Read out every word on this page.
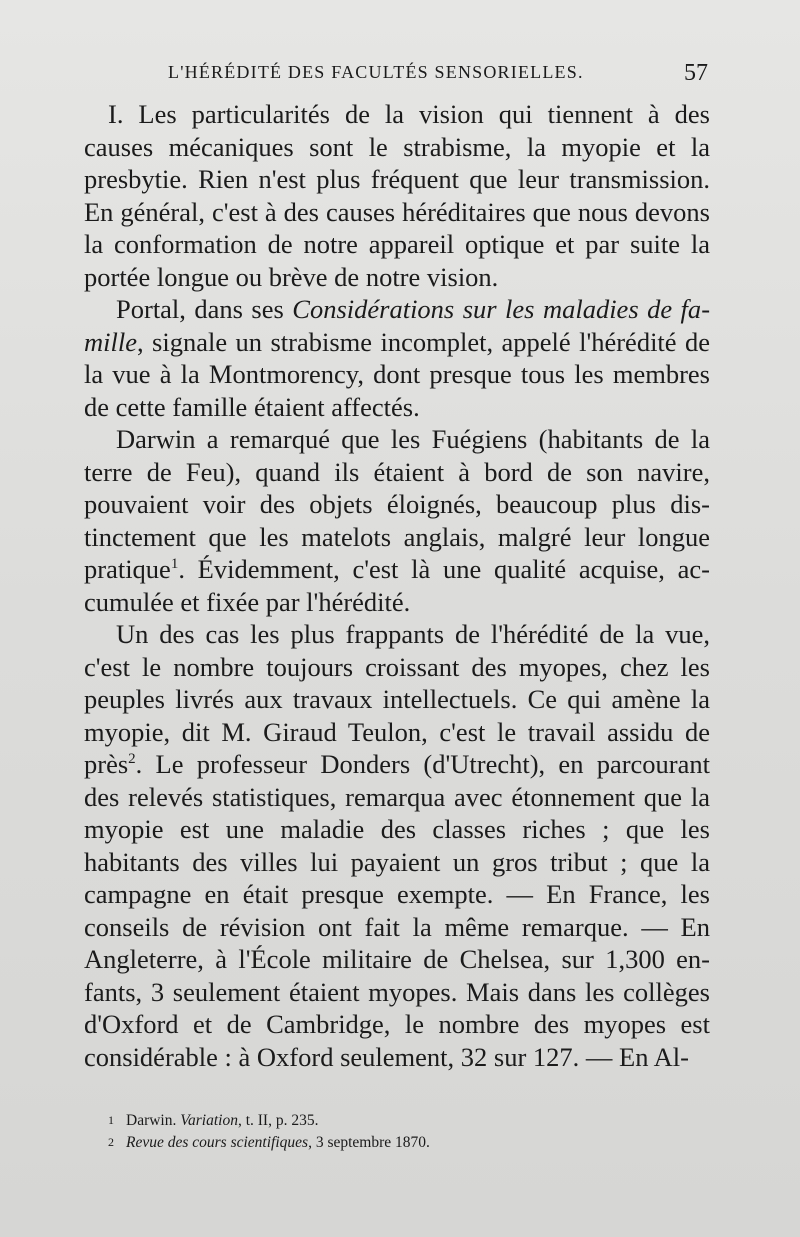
L'HÉRÉDITÉ DES FACULTÉS SENSORIELLES.	57

I. Les particularités de la vision qui tiennent à des causes mécaniques sont le strabisme, la myopie et la presbytie. Rien n'est plus fréquent que leur transmission. En général, c'est à des causes héréditaires que nous devons la conformation de notre appareil optique et par suite la portée longue ou brève de notre vision.

Portal, dans ses Considérations sur les maladies de famille, signale un strabisme incomplet, appelé l'hérédité de la vue à la Montmorency, dont presque tous les membres de cette famille étaient affectés.

Darwin a remarqué que les Fuégiens (habitants de la terre de Feu), quand ils étaient à bord de son navire, pouvaient voir des objets éloignés, beaucoup plus distinctement que les matelots anglais, malgré leur longue pratique$^1$. Évidemment, c'est là une qualité acquise, accumulée et fixée par l'hérédité.

Un des cas les plus frappants de l'hérédité de la vue, c'est le nombre toujours croissant des myopes, chez les peuples livrés aux travaux intellectuels. Ce qui amène la myopie, dit M. Giraud Teulon, c'est le travail assidu de près$^2$. Le professeur Donders (d'Utrecht), en parcourant des relevés statistiques, remarqua avec étonnement que la myopie est une maladie des classes riches ; que les habitants des villes lui payaient un gros tribut ; que la campagne en était presque exempte. — En France, les conseils de révision ont fait la même remarque. — En Angleterre, à l'École militaire de Chelsea, sur 1,300 enfants, 3 seulement étaient myopes. Mais dans les collèges d'Oxford et de Cambridge, le nombre des myopes est considérable : à Oxford seulement, 32 sur 127. — En Al-

1 Darwin. Variation, t. II, p. 235.

2 Revue des cours scientifiques, 3 septembre 1870.
